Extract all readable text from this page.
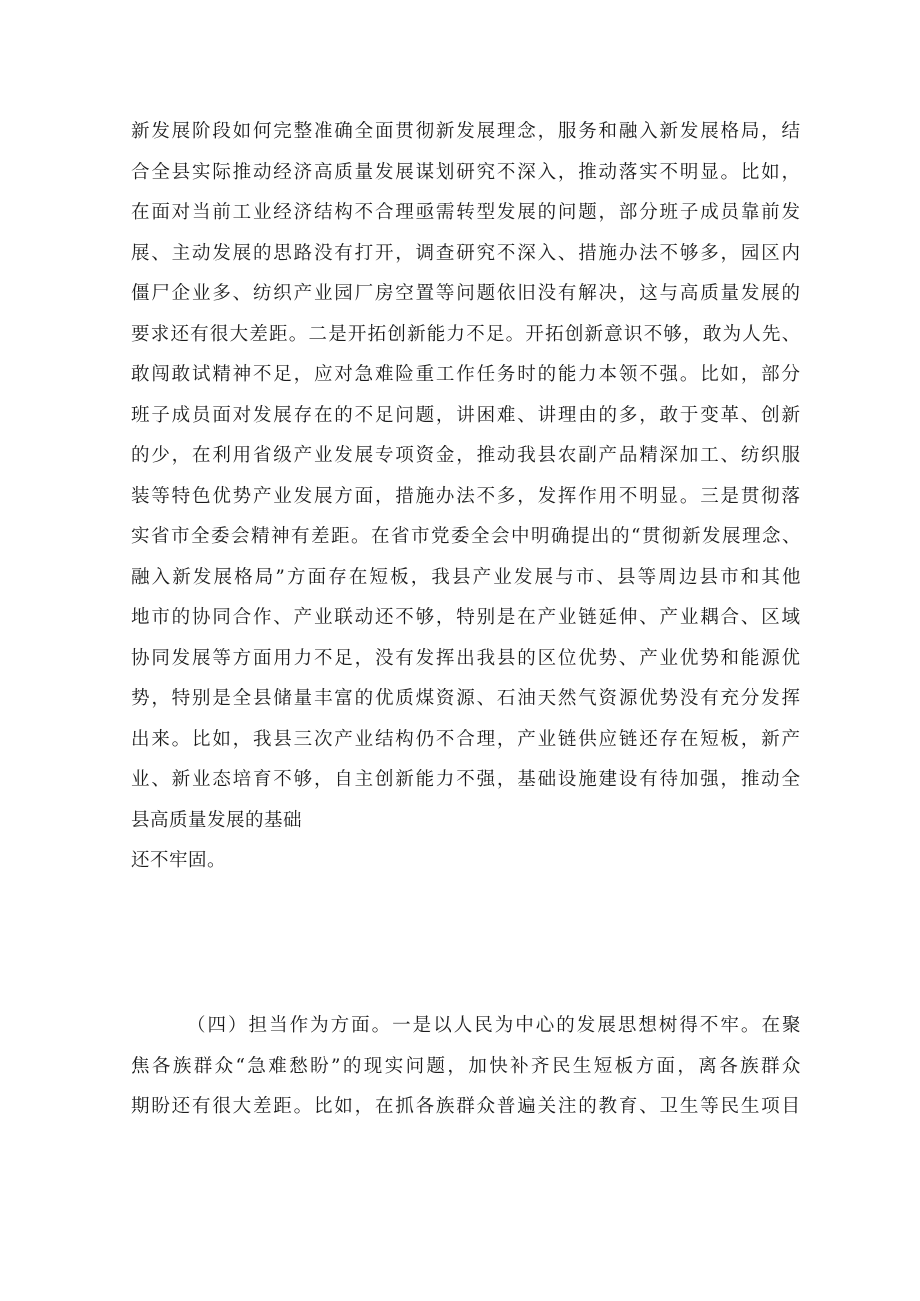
新 发 展 阶 段 如 何 完 整 准 确 全 面 贯 彻 新 发 展 理 念 ， 服 务 和 融 入 新 发 展 格 局 ， 结
合 全 县 实 际 推 动 经 济 高 质 量 发 展 谋 划 研 究 不 深 入 ， 推 动 落 实 不 明 显 。 比 如 ，
在 面 对 当 前 工 业 经 济 结 构 不 合 理 亟 需 转 型 发 展 的 问 题 ， 部 分 班 子 成 员 靠 前 发
展 、 主 动 发 展 的 思 路 没 有 打 开 ， 调 查 研 究 不 深 入 、 措 施 办 法 不 够 多 ， 园 区 内
僵 尸 企 业 多 、 纺 织 产 业 园 厂 房 空 置 等 问 题 依 旧 没 有 解 决 ， 这 与 高 质 量 发 展 的
要 求 还 有 很 大 差 距 。 二 是 开 拓 创 新 能 力 不 足 。 开 拓 创 新 意 识 不 够 ， 敢 为 人 先 、
敢 闯 敢 试 精 神 不 足 ， 应 对 急 难 险 重 工 作 任 务 时 的 能 力 本 领 不 强 。 比 如 ， 部 分
班 子 成 员 面 对 发 展 存 在 的 不 足 问 题 ， 讲 困 难 、 讲 理 由 的 多 ， 敢 于 变 革 、 创 新
的 少 ， 在 利 用 省 级 产 业 发 展 专 项 资 金 ， 推 动 我 县 农 副 产 品 精 深 加 工 、 纺 织 服
装 等 特 色 优 势 产 业 发 展 方 面 ， 措 施 办 法 不 多 ， 发 挥 作 用 不 明 显 。 三 是 贯 彻 落
实 省 市 全 委 会 精 神 有 差 距 。 在 省 市 党 委 全 会 中 明 确 提 出 的 “ 贯 彻 新 发 展 理 念 、
融 入 新 发 展 格 局 ” 方 面 存 在 短 板 ， 我 县 产 业 发 展 与 市 、 县 等 周 边 县 市 和 其 他
地 市 的 协 同 合 作 、 产 业 联 动 还 不 够 ， 特 别 是 在 产 业 链 延 伸 、 产 业 耦 合 、 区 域
协 同 发 展 等 方 面 用 力 不 足 ， 没 有 发 挥 出 我 县 的 区 位 优 势 、 产 业 优 势 和 能 源 优
势 ， 特 别 是 全 县 储 量 丰 富 的 优 质 煤 资 源 、 石 油 天 然 气 资 源 优 势 没 有 充 分 发 挥
出 来 。 比 如 ， 我 县 三 次 产 业 结 构 仍 不 合 理 ， 产 业 链 供 应 链 还 存 在 短 板 ， 新 产
业 、 新 业 态 培 育 不 够 ， 自 主 创 新 能 力 不 强 ， 基 础 设 施 建 设 有 待 加 强 ， 推 动 全
县高质量发展的基础
还不牢固。
（ 四 ） 担 当 作 为 方 面 。 一 是 以 人 民 为 中 心 的 发 展 思 想 树 得 不 牢 。 在 聚
焦 各 族 群 众 “ 急 难 愁 盼 ” 的 现 实 问 题 ， 加 快 补 齐 民 生 短 板 方 面 ， 离 各 族 群 众
期 盼 还 有 很 大 差 距 。 比 如 ， 在 抓 各 族 群 众 普 遍 关 注 的 教 育 、 卫 生 等 民 生 项 目
